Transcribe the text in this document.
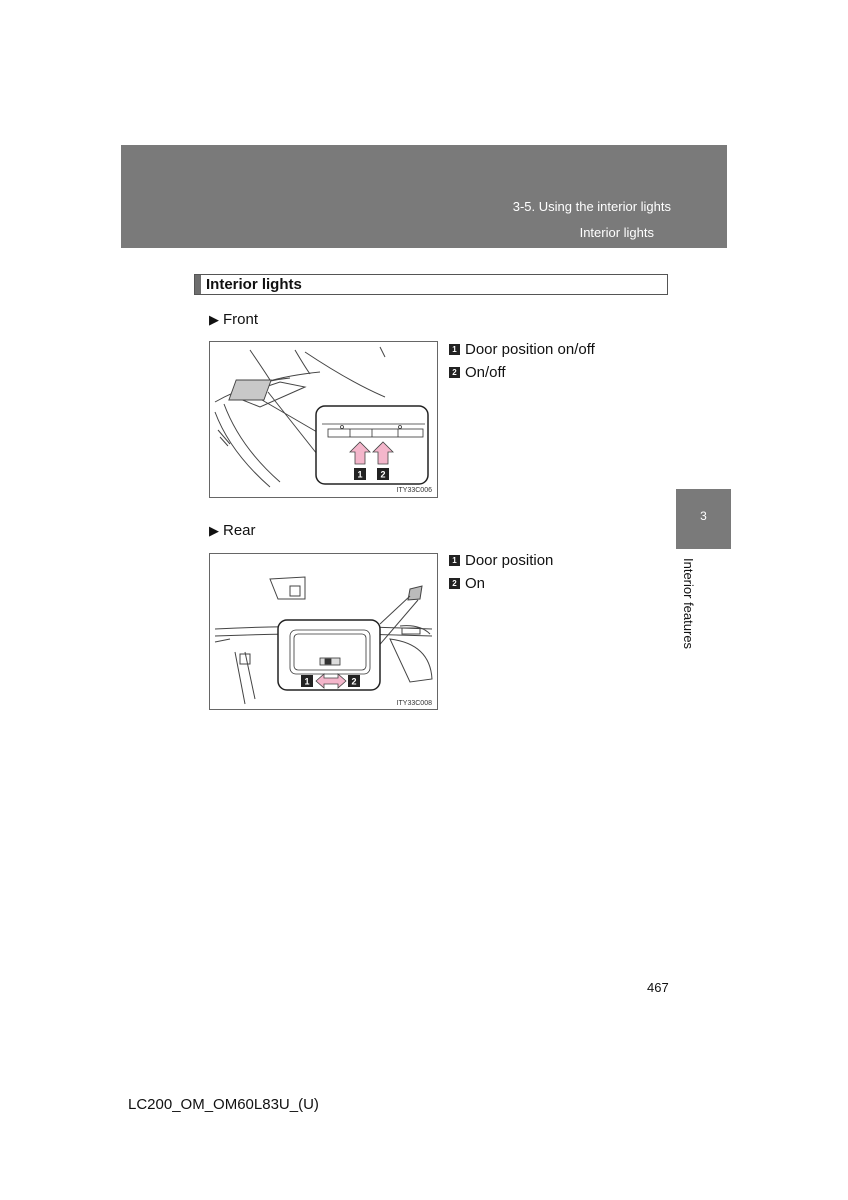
3-5. Using the interior lights
Interior lights
Interior lights
▶ Front
1 2
ITY33C006
1 Door position on/off
2 On/off
▶ Rear
1	2
ITY33C008
1 Door position
2 On
3
Interior features
467
LC200_OM_OM60L83U_(U)
